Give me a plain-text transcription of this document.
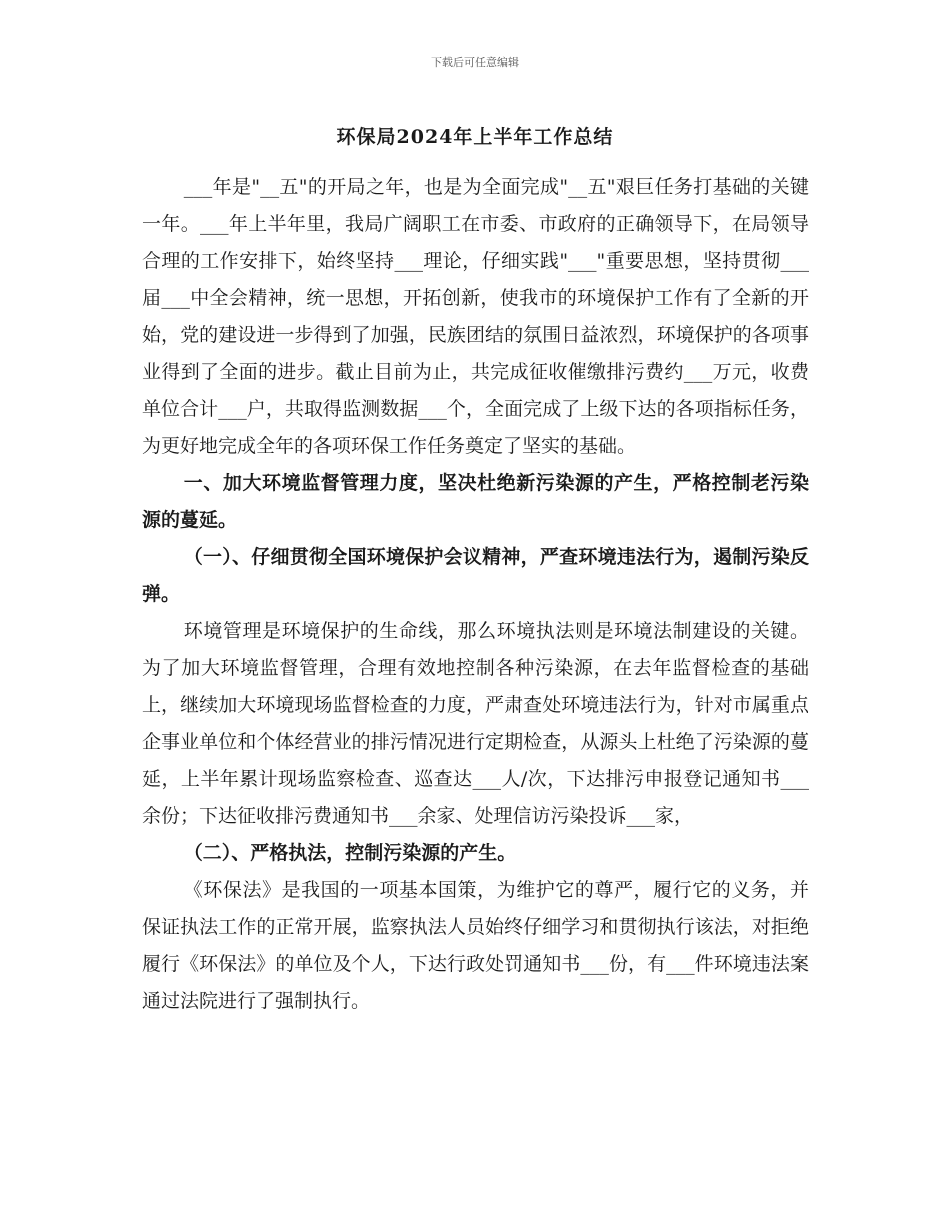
下载后可任意编辑
环保局2024年上半年工作总结

___年是"__五"的开局之年，也是为全面完成"__五"艰巨任务打基础的关键一年。___年上半年里，我局广阔职工在市委、市政府的正确领导下，在局领导合理的工作安排下，始终坚持___理论，仔细实践"___"重要思想，坚持贯彻___届___中全会精神，统一思想，开拓创新，使我市的环境保护工作有了全新的开始，党的建设进一步得到了加强，民族团结的氛围日益浓烈，环境保护的各项事业得到了全面的进步。截止目前为止，共完成征收催缴排污费约___万元，收费单位合计___户，共取得监测数据___个，全面完成了上级下达的各项指标任务，为更好地完成全年的各项环保工作任务奠定了坚实的基础。

一、加大环境监督管理力度，坚决杜绝新污染源的产生，严格控制老污染源的蔓延。

（一）、仔细贯彻全国环境保护会议精神，严查环境违法行为，遏制污染反弹。

环境管理是环境保护的生命线，那么环境执法则是环境法制建设的关键。为了加大环境监督管理，合理有效地控制各种污染源，在去年监督检查的基础上，继续加大环境现场监督检查的力度，严肃查处环境违法行为，针对市属重点企事业单位和个体经营业的排污情况进行定期检查，从源头上杜绝了污染源的蔓延，上半年累计现场监察检查、巡查达___人/次，下达排污申报登记通知书___余份；下达征收排污费通知书___余家、处理信访污染投诉___家，

（二）、严格执法，控制污染源的产生。

《环保法》是我国的一项基本国策，为维护它的尊严，履行它的义务，并保证执法工作的正常开展，监察执法人员始终仔细学习和贯彻执行该法，对拒绝履行《环保法》的单位及个人，下达行政处罚通知书___份，有___件环境违法案通过法院进行了强制执行。
